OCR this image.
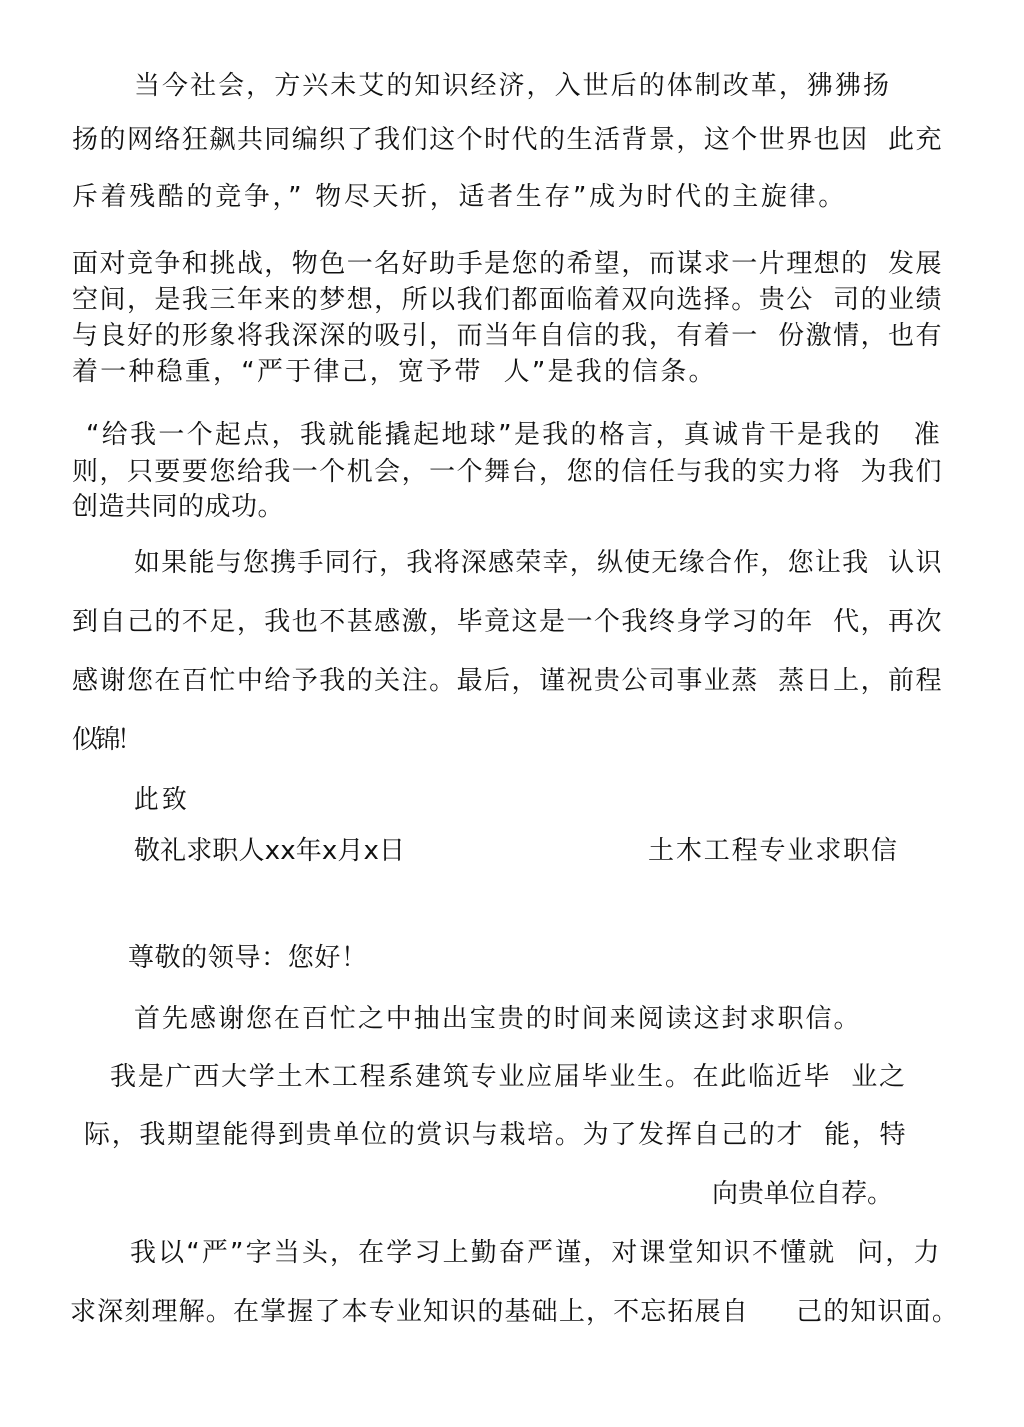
当今社会，方兴未艾的知识经济，入世后的体制改革，狒狒扬
扬的网络狂飙共同编织了我们这个时代的生活背景，这个世界也因  此充
斥着残酷的竞争，” 物尽天折，适者生存”成为时代的主旋律。
面对竞争和挑战，物色一名好助手是您的希望，而谋求一片理想的  发展
空间，是我三年来的梦想，所以我们都面临着双向选择。贵公  司的业绩
与良好的形象将我深深的吸引，而当年自信的我，有着一  份激情，也有
着一种稳重，“严于律己，宽予带  人”是我的信条。
“给我一个起点，我就能撬起地球”是我的格言，真诚肯干是我的   准
则，只要要您给我一个机会，一个舞台，您的信任与我的实力将  为我们
创造共同的成功。
如果能与您携手同行，我将深感荣幸，纵使无缘合作，您让我  认识
到自己的不足，我也不甚感激，毕竟这是一个我终身学习的年  代，再次
感谢您在百忙中给予我的关注。最后，谨祝贵公司事业蒸  蒸日上，前程
似锦！
此致
敬礼求职人xx年x月x日	土木工程专业求职信
尊敬的领导：您好！
首先感谢您在百忙之中抽出宝贵的时间来阅读这封求职信。
我是广西大学土木工程系建筑专业应届毕业生。在此临近毕  业之
际，我期望能得到贵单位的赏识与栽培。为了发挥自己的才  能，特
向贵单位自荐。
我以“严”字当头，在学习上勤奋严谨，对课堂知识不懂就  问，力
求深刻理解。在掌握了本专业知识的基础上，不忘拓展自     己的知识面。
